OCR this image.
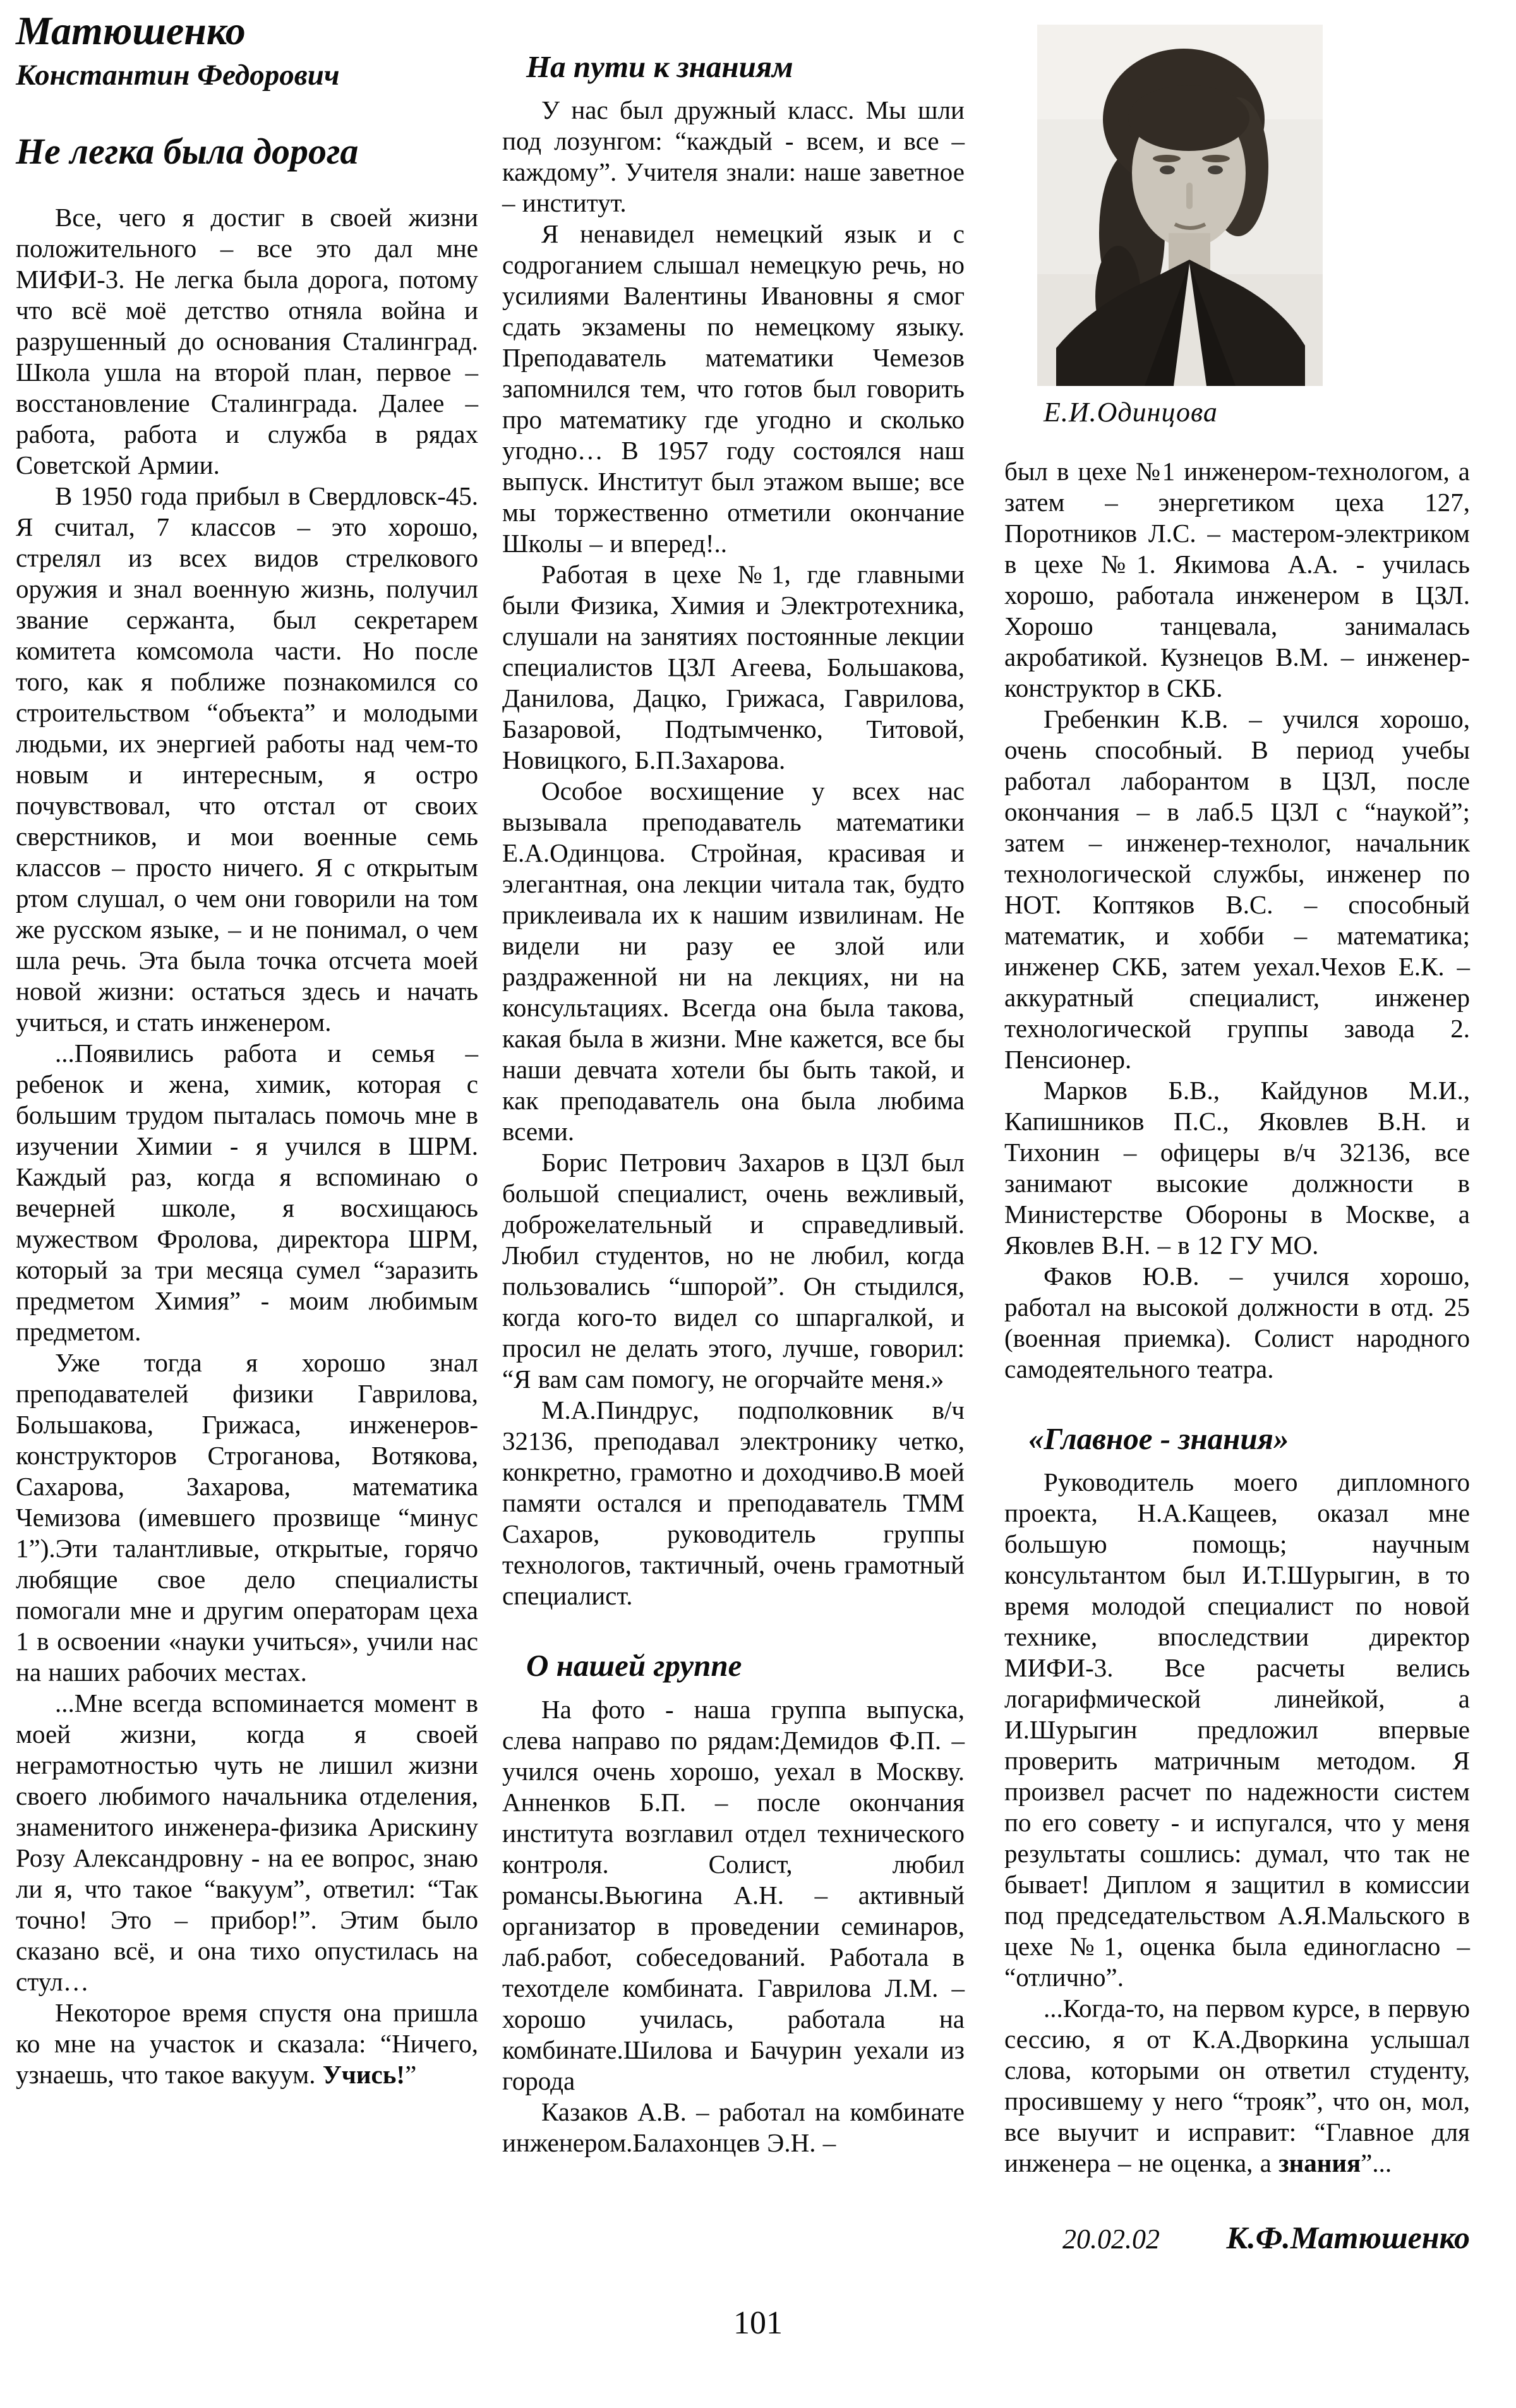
Матюшенко
Константин Федорович
Не легка была дорога

Все, чего я достиг в своей жизни положительного – все это дал мне МИФИ-3. Не легка была дорога, потому что всё моё детство отняла война и разрушенный до основания Сталинград. Школа ушла на второй план, первое – восстановление Сталинграда. Далее – работа, работа и служба в рядах Советской Армии.

В 1950 года прибыл в Свердловск-45. Я считал, 7 классов – это хорошо, стрелял из всех видов стрелкового оружия и знал военную жизнь, получил звание сержанта, был секретарем комитета комсомола части. Но после того, как я поближе познакомился со строительством “объекта” и молодыми людьми, их энергией работы над чем-то новым и интересным, я остро почувствовал, что отстал от своих сверстников, и мои военные семь классов – просто ничего. Я с открытым ртом слушал, о чем они говорили на том же русском языке, – и не понимал, о чем шла речь. Эта была точка отсчета моей новой жизни: остаться здесь и начать учиться, и стать инженером.

...Появились работа и семья – ребенок и жена, химик, которая с большим трудом пыталась помочь мне в изучении Химии - я учился в ШРМ. Каждый раз, когда я вспоминаю о вечерней школе, я восхищаюсь мужеством Фролова, директора ШРМ, который за три месяца сумел “заразить предметом Химия” - моим любимым предметом.

Уже тогда я хорошо знал преподавателей физики Гаврилова, Большакова, Грижаса, инженеров-конструкторов Строганова, Вотякова, Сахарова, Захарова, математика Чемизова (имевшего прозвище “минус 1”).Эти талантливые, открытые, горячо любящие свое дело специалисты помогали мне и другим операторам цеха 1 в освоении «науки учиться», учили нас на наших рабочих местах.

...Мне всегда вспоминается момент в моей жизни, когда я своей неграмотностью чуть не лишил жизни своего любимого начальника отделения, знаменитого инженера-физика Арискину Розу Александровну - на ее вопрос, знаю ли я, что такое “вакуум”, ответил: “Так точно! Это – прибор!”. Этим было сказано всё, и она тихо опустилась на стул…

Некоторое время спустя она пришла ко мне на участок и сказала: “Ничего, узнаешь, что такое вакуум. Учись!”

На пути к знаниям

У нас был дружный класс. Мы шли под лозунгом: “каждый - всем, и все – каждому”. Учителя знали: наше заветное – институт.

Я ненавидел немецкий язык и с содроганием слышал немецкую речь, но усилиями Валентины Ивановны я смог сдать экзамены по немецкому языку. Преподаватель математики Чемезов запомнился тем, что готов был говорить про математику где угодно и сколько угодно… В 1957 году состоялся наш выпуск. Институт был этажом выше; все мы торжественно отметили окончание Школы – и вперед!..

Работая в цехе №1, где главными были Физика, Химия и Электротехника, слушали на занятиях постоянные лекции специалистов ЦЗЛ Агеева, Большакова, Данилова, Дацко, Грижаса, Гаврилова, Базаровой, Подтымченко, Титовой, Новицкого, Б.П.Захарова.

Особое восхищение у всех нас вызывала преподаватель математики Е.А.Одинцова. Стройная, красивая и элегантная, она лекции читала так, будто приклеивала их к нашим извилинам. Не видели ни разу ее злой или раздраженной ни на лекциях, ни на консультациях. Всегда она была такова, какая была в жизни. Мне кажется, все бы наши девчата хотели бы быть такой, и как преподаватель она была любима всеми.

Борис Петрович Захаров в ЦЗЛ был большой специалист, очень вежливый, доброжелательный и справедливый. Любил студентов, но не любил, когда пользовались “шпорой”. Он стыдился, когда кого-то видел со шпаргалкой, и просил не делать этого, лучше, говорил: “Я вам сам помогу, не огорчайте меня.»

М.А.Пиндрус, подполковник в/ч 32136, преподавал электронику четко, конкретно, грамотно и доходчиво.В моей памяти остался и преподаватель ТММ Сахаров, руководитель группы технологов, тактичный, очень грамотный специалист.

О нашей группе

На фото - наша группа выпуска, слева направо по рядам:Демидов Ф.П. – учился очень хорошо, уехал в Москву. Анненков Б.П. – после окончания института возглавил отдел технического контроля. Солист, любил романсы.Вьюгина А.Н. – активный организатор в проведении семинаров, лаб.работ, собеседований. Работала в техотделе комбината. Гаврилова Л.М. – хорошо училась, работала на комбинате.Шилова и Бачурин уехали из города

Казаков А.В. – работал на комбинате инженером.Балахонцев Э.Н. –

Е.И.Одинцова

был в цехе №1 инженером-технологом, а затем – энергетиком цеха 127, Поротников Л.С. – мастером-электриком в цехе №1. Якимова А.А. - училась хорошо, работала инженером в ЦЗЛ. Хорошо танцевала, занималась акробатикой. Кузнецов В.М. – инженер-конструктор в СКБ.

Гребенкин К.В. – учился хорошо, очень способный. В период учебы работал лаборантом в ЦЗЛ, после окончания – в лаб.5 ЦЗЛ с “наукой”; затем – инженер-технолог, начальник технологической службы, инженер по НОТ. Коптяков В.С. – способный математик, и хобби – математика; инженер СКБ, затем уехал.Чехов Е.К. – аккуратный специалист, инженер технологической группы завода 2. Пенсионер.

Марков Б.В., Кайдунов М.И., Капишников П.С., Яковлев В.Н. и Тихонин – офицеры в/ч 32136, все занимают высокие должности в Министерстве Обороны в Москве, а Яковлев В.Н. – в 12 ГУ МО.

Факов Ю.В. – учился хорошо, работал на высокой должности в отд. 25 (военная приемка). Солист народного самодеятельного театра.

«Главное - знания»

Руководитель моего дипломного проекта, Н.А.Кащеев, оказал мне большую помощь; научным консультантом был И.Т.Шурыгин, в то время молодой специалист по новой технике, впоследствии директор МИФИ-3. Все расчеты велись логарифмической линейкой, а И.Шурыгин предложил впервые проверить матричным методом. Я произвел расчет по надежности систем по его совету - и испугался, что у меня результаты сошлись: думал, что так не бывает! Диплом я защитил в комиссии под председательством А.Я.Мальского в цехе №1, оценка была единогласно – “отлично”.

...Когда-то, на первом курсе, в первую сессию, я от К.А.Дворкина услышал слова, которыми он ответил студенту, просившему у него “трояк”, что он, мол, все выучит и исправит: “Главное для инженера – не оценка, а знания”...

20.02.02 К.Ф.Матюшенко
101
